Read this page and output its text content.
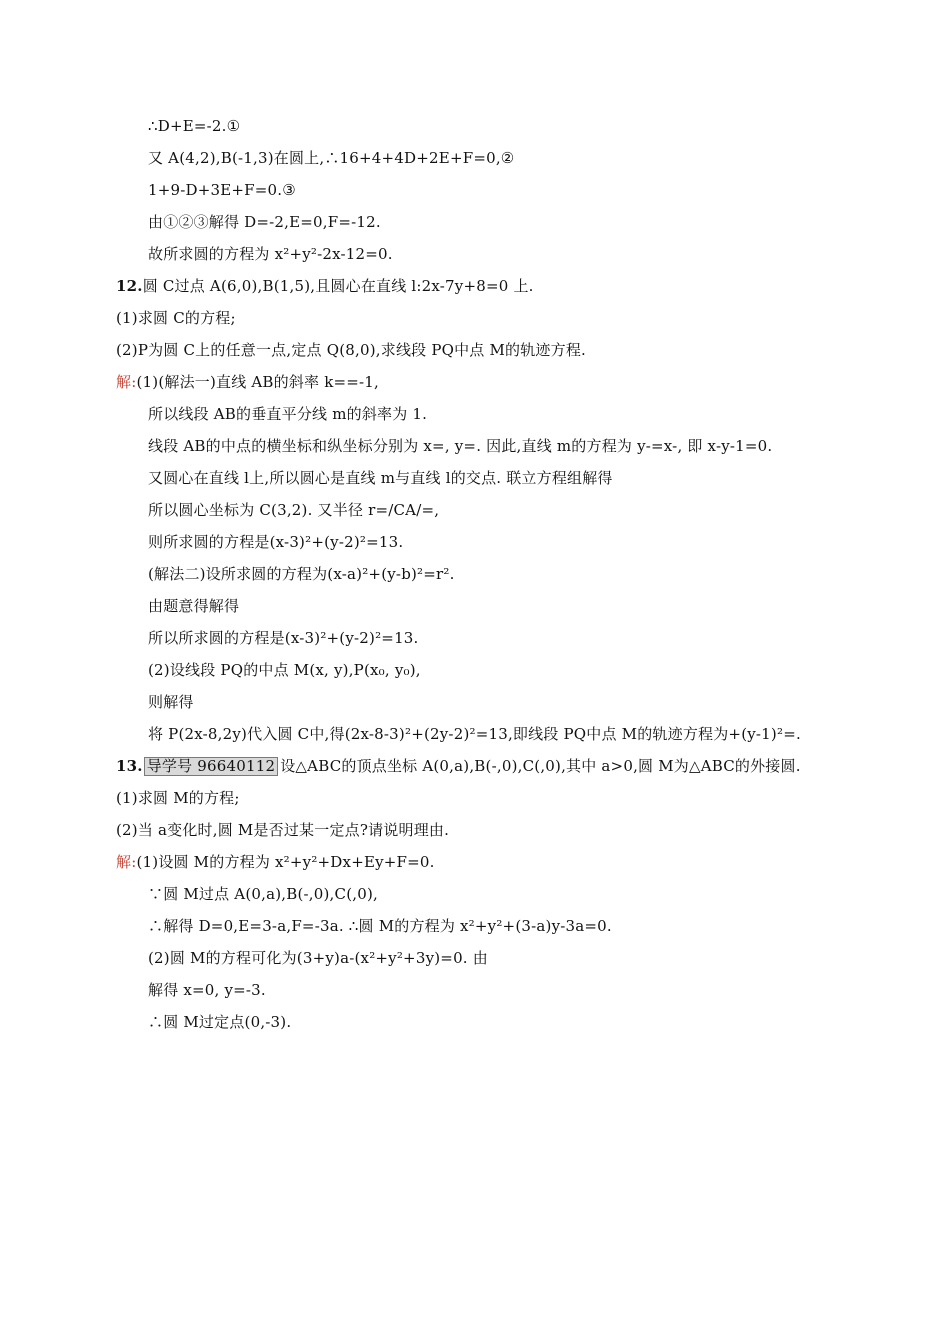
∴D+E=-2.①
又 A(4,2),B(-1,3)在圆上,∴16+4+4D+2E+F=0,②
1+9-D+3E+F=0.③
由①②③解得 D=-2,E=0,F=-12.
故所求圆的方程为 x²+y²-2x-12=0.
12.圆 C过点 A(6,0),B(1,5),且圆心在直线 l:2x-7y+8=0 上.
(1)求圆 C的方程;
(2)P为圆 C上的任意一点,定点 Q(8,0),求线段 PQ中点 M的轨迹方程.
解:(1)(解法一)直线 AB的斜率 k==-1,
所以线段 AB的垂直平分线 m的斜率为 1.
线段 AB的中点的横坐标和纵坐标分别为 x=, y=. 因此,直线 m的方程为 y-=x-, 即 x-y-1=0.
又圆心在直线 l上,所以圆心是直线 m与直线 l的交点. 联立方程组解得
所以圆心坐标为 C(3,2). 又半径 r=/CA/=,
则所求圆的方程是(x-3)²+(y-2)²=13.
(解法二)设所求圆的方程为(x-a)²+(y-b)²=r².
由题意得解得
所以所求圆的方程是(x-3)²+(y-2)²=13.
(2)设线段 PQ的中点 M(x, y),P(x₀, y₀),
则解得
将 P(2x-8,2y)代入圆 C中,得(2x-8-3)²+(2y-2)²=13,即线段 PQ中点 M的轨迹方程为+(y-1)²=.
13. 导学号 96640112 设△ABC的顶点坐标 A(0,a),B(-,0),C(,0),其中 a>0,圆 M为△ABC的外接圆.
(1)求圆 M的方程;
(2)当 a变化时,圆 M是否过某一定点?请说明理由.
解:(1)设圆 M的方程为 x²+y²+Dx+Ey+F=0.
∵圆 M过点 A(0,a),B(-,0),C(,0),
∴解得 D=0,E=3-a,F=-3a. ∴圆 M的方程为 x²+y²+(3-a)y-3a=0.
(2)圆 M的方程可化为(3+y)a-(x²+y²+3y)=0. 由
解得 x=0, y=-3.
∴圆 M过定点(0,-3).
